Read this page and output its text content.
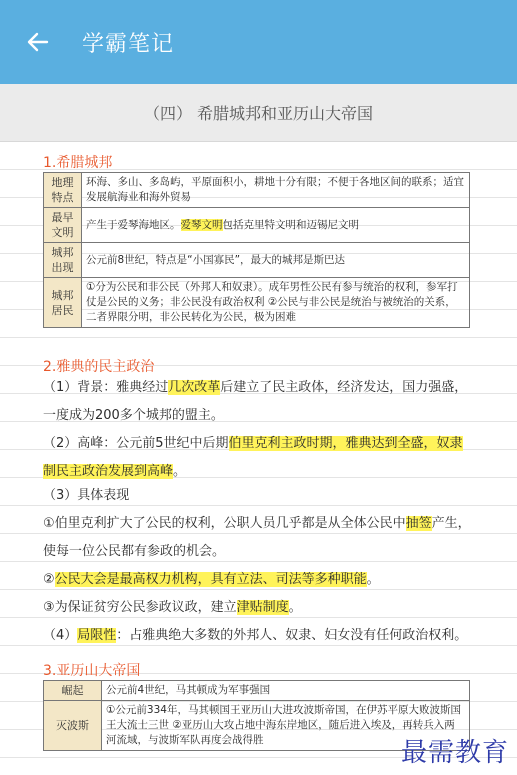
学霸笔记
（四） 希腊城邦和亚历山大帝国
1.希腊城邦
地理特点	环海、多山、多岛屿，平原面积小，耕地十分有限；不便于各地区间的联系；适宜发展航海业和海外贸易
最早文明	产生于爱琴海地区。爱琴文明包括克里特文明和迈锡尼文明
城邦出现	公元前8世纪，特点是“小国寡民”，最大的城邦是斯巴达
城邦居民	①分为公民和非公民（外邦人和奴隶）。成年男性公民有参与统治的权利，参军打仗是公民的义务；非公民没有政治权利 ②公民与非公民是统治与被统治的关系，二者界限分明，非公民转化为公民，极为困难
2.雅典的民主政治
（1）背景：雅典经过几次改革后建立了民主政体，经济发达，国力强盛，一度成为200多个城邦的盟主。
（2）高峰：公元前5世纪中后期伯里克利主政时期，雅典达到全盛，奴隶制民主政治发展到高峰。
（3）具体表现
①伯里克利扩大了公民的权利，公职人员几乎都是从全体公民中抽签产生，使每一位公民都有参政的机会。
②公民大会是最高权力机构，具有立法、司法等多种职能。
③为保证贫穷公民参政议政，建立津贴制度。
（4）局限性：占雅典绝大多数的外邦人、奴隶、妇女没有任何政治权利。
3.亚历山大帝国
崛起	公元前4世纪，马其顿成为军事强国
灭波斯	①公元前334年，马其顿国王亚历山大进攻波斯帝国，在伊苏平原大败波斯国王大流士三世 ②亚历山大攻占地中海东岸地区，随后进入埃及，再转兵入两河流域，与波斯军队再度会战得胜	最需教育
